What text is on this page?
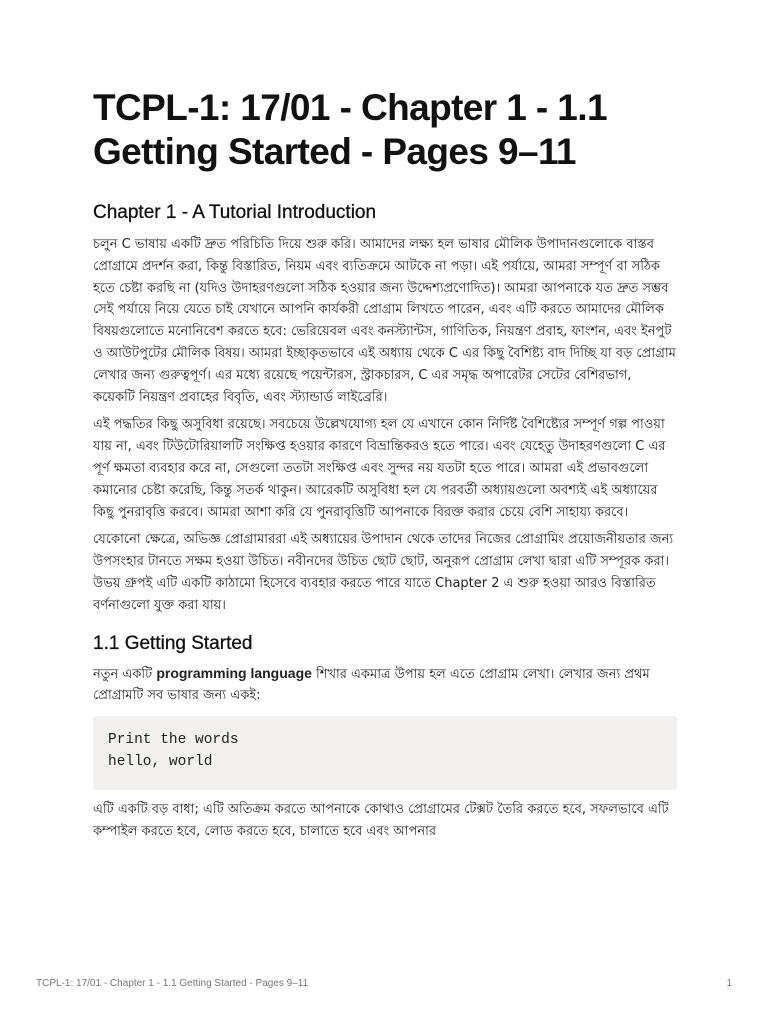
TCPL-1: 17/01 - Chapter 1 - 1.1
Getting Started - Pages 9–11
Chapter 1 - A Tutorial Introduction

চলুন C ভাষায় একটি দ্রুত পরিচিতি দিয়ে শুরু করি। আমাদের লক্ষ্য হল ভাষার মৌলিক উপাদানগুলোকে বাস্তব প্রোগ্রামে প্রদর্শন করা, কিন্তু বিস্তারিত, নিয়ম এবং ব্যতিক্রমে আটকে না পড়া। এই পর্যায়ে, আমরা সম্পূর্ণ বা সঠিক হতে চেষ্টা করছি না (যদিও উদাহরণগুলো সঠিক হওয়ার জন্য উদ্দেশ্যপ্রণোদিত)। আমরা আপনাকে যত দ্রুত সম্ভব সেই পর্যায়ে নিয়ে যেতে চাই যেখানে আপনি কার্যকরী প্রোগ্রাম লিখতে পারেন, এবং এটি করতে আমাদের মৌলিক বিষয়গুলোতে মনোনিবেশ করতে হবে: ভেরিয়েবল এবং কনস্ট্যান্টস, গাণিতিক, নিয়ন্ত্রণ প্রবাহ, ফাংশন, এবং ইনপুট ও আউটপুটের মৌলিক বিষয়। আমরা ইচ্ছাকৃতভাবে এই অধ্যায় থেকে C এর কিছু বৈশিষ্ট্য বাদ দিচ্ছি যা বড় প্রোগ্রাম লেখার জন্য গুরুত্বপূর্ণ। এর মধ্যে রয়েছে পয়েন্টারস, স্ট্রাকচারস, C এর সমৃদ্ধ অপারেটর সেটের বেশিরভাগ, কয়েকটি নিয়ন্ত্রণ প্রবাহের বিবৃতি, এবং স্ট্যান্ডার্ড লাইব্রেরি।

এই পদ্ধতির কিছু অসুবিধা রয়েছে। সবচেয়ে উল্লেখযোগ্য হল যে এখানে কোন নির্দিষ্ট বৈশিষ্ট্যের সম্পূর্ণ গল্প পাওয়া যায় না, এবং টিউটোরিয়ালটি সংক্ষিপ্ত হওয়ার কারণে বিভ্রান্তিকরও হতে পারে। এবং যেহেতু উদাহরণগুলো C এর পূর্ণ ক্ষমতা ব্যবহার করে না, সেগুলো ততটা সংক্ষিপ্ত এবং সুন্দর নয় যতটা হতে পারে। আমরা এই প্রভাবগুলো কমানোর চেষ্টা করেছি, কিন্তু সতর্ক থাকুন। আরেকটি অসুবিধা হল যে পরবর্তী অধ্যায়গুলো অবশ্যই এই অধ্যায়ের কিছু পুনরাবৃত্তি করবে। আমরা আশা করি যে পুনরাবৃত্তিটি আপনাকে বিরক্ত করার চেয়ে বেশি সাহায্য করবে।

যেকোনো ক্ষেত্রে, অভিজ্ঞ প্রোগ্রামাররা এই অধ্যায়ের উপাদান থেকে তাদের নিজের প্রোগ্রামিং প্রয়োজনীয়তার জন্য উপসংহার টানতে সক্ষম হওয়া উচিত। নবীনদের উচিত ছোট ছোট, অনুরূপ প্রোগ্রাম লেখা দ্বারা এটি সম্পূরক করা। উভয় গ্রুপই এটি একটি কাঠামো হিসেবে ব্যবহার করতে পারে যাতে Chapter 2 এ শুরু হওয়া আরও বিস্তারিত বর্ণনাগুলো যুক্ত করা যায়।

1.1 Getting Started

নতুন একটি programming language শিখার একমাত্র উপায় হল এতে প্রোগ্রাম লেখা। লেখার জন্য প্রথম প্রোগ্রামটি সব ভাষার জন্য একই:

Print the words
hello, world

এটি একটি বড় বাধা; এটি অতিক্রম করতে আপনাকে কোথাও প্রোগ্রামের টেক্সট তৈরি করতে হবে, সফলভাবে এটি কম্পাইল করতে হবে, লোড করতে হবে, চালাতে হবে এবং আপনার

TCPL-1: 17/01 - Chapter 1 - 1.1 Getting Started - Pages 9–11	1
